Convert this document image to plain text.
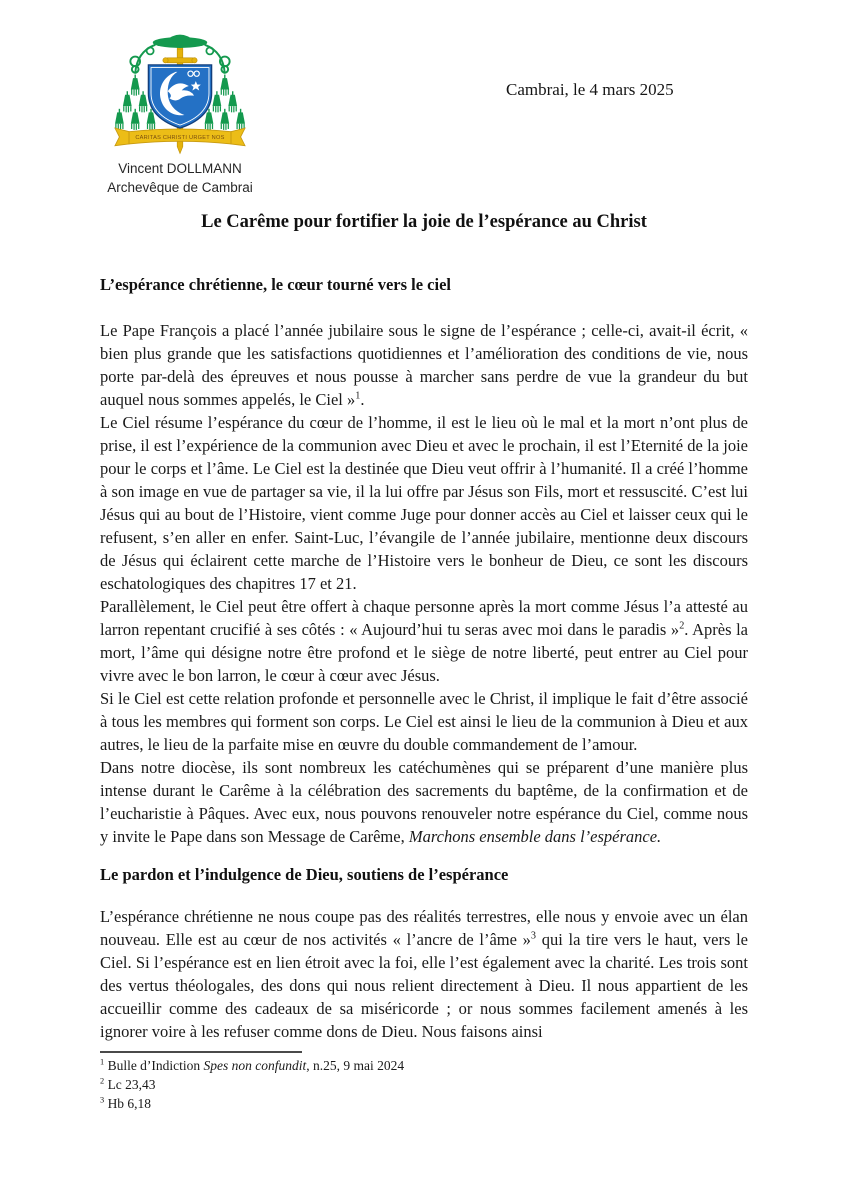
CARITAS CHRISTI URGET NOS
Vincent DOLLMANN
Archevêque de Cambrai
Cambrai, le 4 mars 2025
Le Carême pour fortifier la joie de l’espérance au Christ
L’espérance chrétienne, le cœur tourné vers le ciel

Le Pape François a placé l’année jubilaire sous le signe de l’espérance ; celle-ci, avait-il écrit, « bien plus grande que les satisfactions quotidiennes et l’amélioration des conditions de vie, nous porte par-delà des épreuves et nous pousse à marcher sans perdre de vue la grandeur du but auquel nous sommes appelés, le Ciel »$^1$.

Le Ciel résume l’espérance du cœur de l’homme, il est le lieu où le mal et la mort n’ont plus de prise, il est l’expérience de la communion avec Dieu et avec le prochain, il est l’Eternité de la joie pour le corps et l’âme. Le Ciel est la destinée que Dieu veut offrir à l’humanité. Il a créé l’homme à son image en vue de partager sa vie, il la lui offre par Jésus son Fils, mort et ressuscité. C’est lui Jésus qui au bout de l’Histoire, vient comme Juge pour donner accès au Ciel et laisser ceux qui le refusent, s’en aller en enfer. Saint-Luc, l’évangile de l’année jubilaire, mentionne deux discours de Jésus qui éclairent cette marche de l’Histoire vers le bonheur de Dieu, ce sont les discours eschatologiques des chapitres 17 et 21.

Parallèlement, le Ciel peut être offert à chaque personne après la mort comme Jésus l’a attesté au larron repentant crucifié à ses côtés : « Aujourd’hui tu seras avec moi dans le paradis »$^2$. Après la mort, l’âme qui désigne notre être profond et le siège de notre liberté, peut entrer au Ciel pour vivre avec le bon larron, le cœur à cœur avec Jésus.

Si le Ciel est cette relation profonde et personnelle avec le Christ, il implique le fait d’être associé à tous les membres qui forment son corps. Le Ciel est ainsi le lieu de la communion à Dieu et aux autres, le lieu de la parfaite mise en œuvre du double commandement de l’amour.

Dans notre diocèse, ils sont nombreux les catéchumènes qui se préparent d’une manière plus intense durant le Carême à la célébration des sacrements du baptême, de la confirmation et de l’eucharistie à Pâques. Avec eux, nous pouvons renouveler notre espérance du Ciel, comme nous y invite le Pape dans son Message de Carême, Marchons ensemble dans l’espérance.

Le pardon et l’indulgence de Dieu, soutiens de l’espérance

L’espérance chrétienne ne nous coupe pas des réalités terrestres, elle nous y envoie avec un élan nouveau. Elle est au cœur de nos activités « l’ancre de l’âme »$^3$ qui la tire vers le haut, vers le Ciel. Si l’espérance est en lien étroit avec la foi, elle l’est également avec la charité. Les trois sont des vertus théologales, des dons qui nous relient directement à Dieu. Il nous appartient de les accueillir comme des cadeaux de sa miséricorde ; or nous sommes facilement amenés à les ignorer voire à les refuser comme dons de Dieu. Nous faisons ainsi

$^1$ Bulle d’Indiction Spes non confundit, n.25, 9 mai 2024
$^2$ Lc 23,43
$^3$ Hb 6,18
